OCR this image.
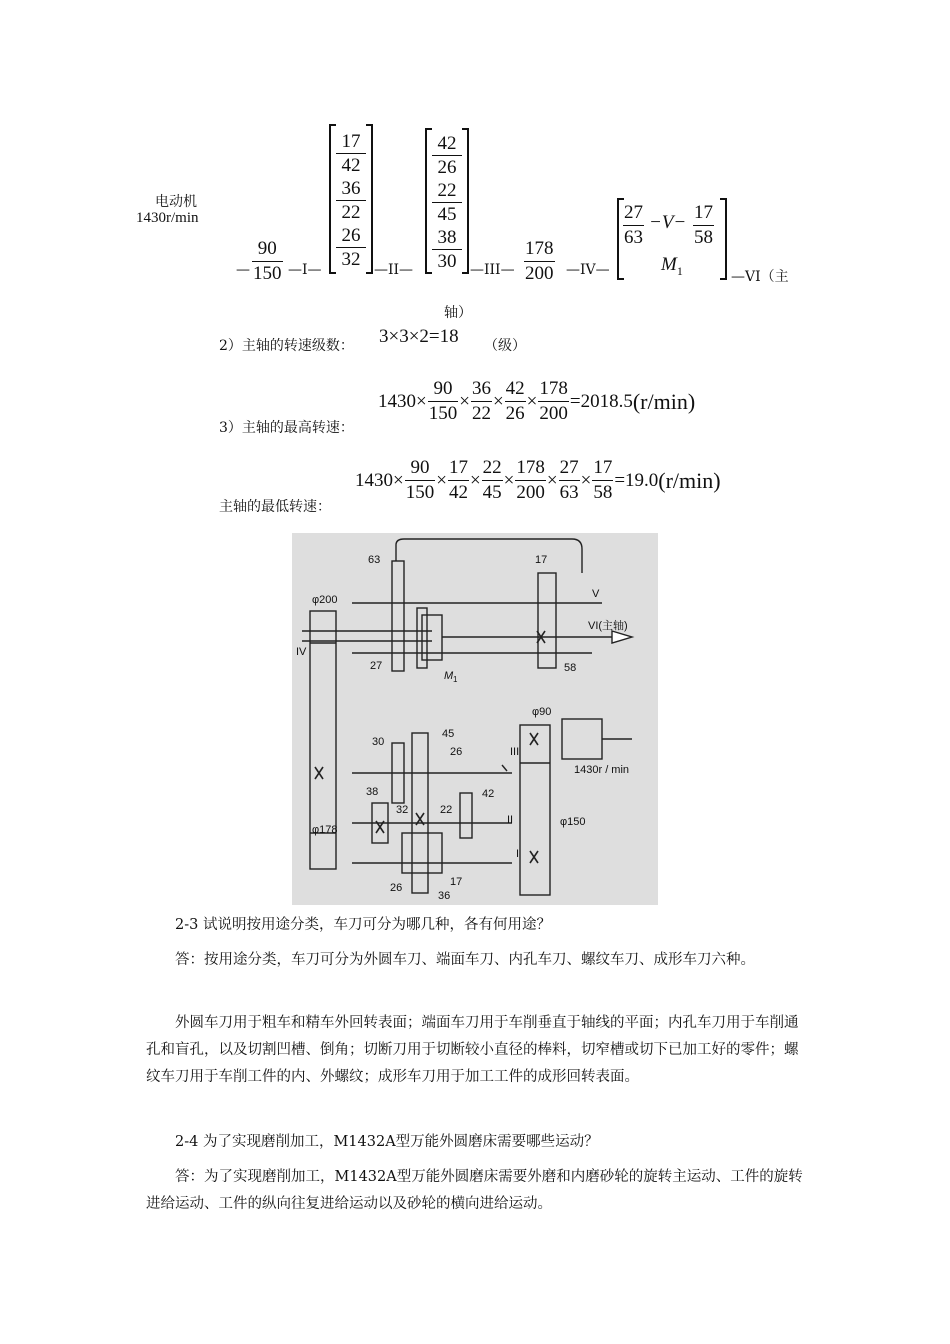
电动机
1430r/min
—
90
150 —I—
17
42
36
22
26
32 —II—
42
26
22
45
38
30 —III—
178
200 —IV—
27
63
−V− 17
58
$M_1$	—VI（主
轴）
2）主轴的转速级数： 3×3×2=18 （级）
3）主轴的最高转速：
$1430 \times \frac{90}{150} \times \frac{36}{22} \times \frac{42}{26} \times \frac{178}{200} =2018.5$ (r/min)
主轴的最低转速：
$1430 \times \frac{90}{150} \times \frac{17}{42} \times \frac{22}{45} \times \frac{178}{200} \times \frac{27}{63} \times \frac{17}{58} =19.0$ (r/min)
63	17
V
φ200
VI(主轴)
IV
27
M 1
58
φ90
30
45
26	III
1430r / min
38
32	22
42
II	φ150
φ178
I
26	17
36
2-3 试说明按用途分类，车刀可分为哪几种，各有何用途？
答：按用途分类，车刀可分为外圆车刀、端面车刀、内孔车刀、螺纹车刀、成形车刀六种。
外圆车刀用于粗车和精车外回转表面；端面车刀用于车削垂直于轴线的平面；内孔车刀用于车削通孔和盲孔，以及切割凹槽、倒角；切断刀用于切断较小直径的棒料，切窄槽或切下已加工好的零件；螺纹车刀用于车削工件的内、外螺纹；成形车刀用于加工工件的成形回转表面。
2-4 为了实现磨削加工，M1432A型万能外圆磨床需要哪些运动？
答：为了实现磨削加工，M1432A型万能外圆磨床需要外磨和内磨砂轮的旋转主运动、工件的旋转进给运动、工件的纵向往复进给运动以及砂轮的横向进给运动。
